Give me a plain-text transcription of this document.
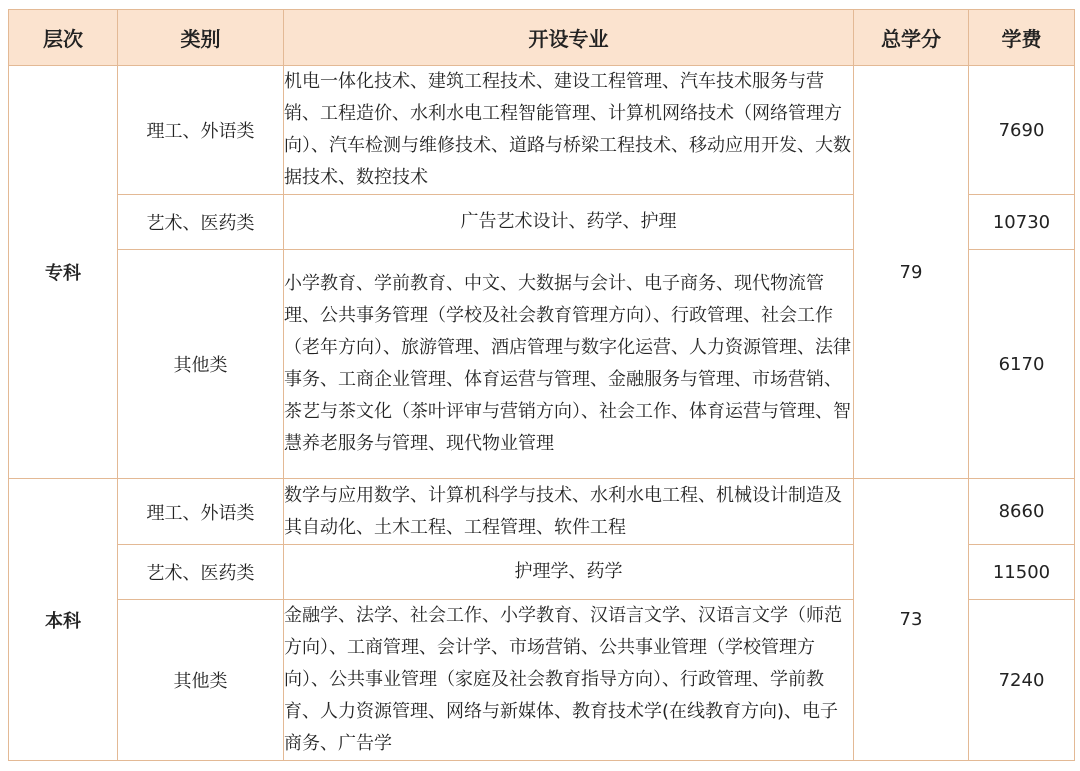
层次	类别	开设专业	总学分	学费
专科	理工、外语类	机电一体化技术、建筑工程技术、建设工程管理、汽车技术服务与营销、工程造价、水利水电工程智能管理、计算机网络技术（网络管理方向）、汽车检测与维修技术、道路与桥梁工程技术、移动应用开发、大数据技术、数控技术	79	7690
	艺术、医药类	广告艺术设计、药学、护理		10730
	其他类	小学教育、学前教育、中文、大数据与会计、电子商务、现代物流管理、公共事务管理（学校及社会教育管理方向）、行政管理、社会工作（老年方向）、旅游管理、酒店管理与数字化运营、人力资源管理、法律事务、工商企业管理、体育运营与管理、金融服务与管理、市场营销、茶艺与茶文化（茶叶评审与营销方向）、社会工作、体育运营与管理、智慧养老服务与管理、现代物业管理		6170
本科	理工、外语类	数学与应用数学、计算机科学与技术、水利水电工程、机械设计制造及其自动化、土木工程、工程管理、软件工程	73	8660
	艺术、医药类	护理学、药学		11500
	其他类	金融学、法学、社会工作、小学教育、汉语言文学、汉语言文学（师范方向）、工商管理、会计学、市场营销、公共事业管理（学校管理方向）、公共事业管理（家庭及社会教育指导方向）、行政管理、学前教育、人力资源管理、网络与新媒体、教育技术学(在线教育方向)、电子商务、广告学		7240
